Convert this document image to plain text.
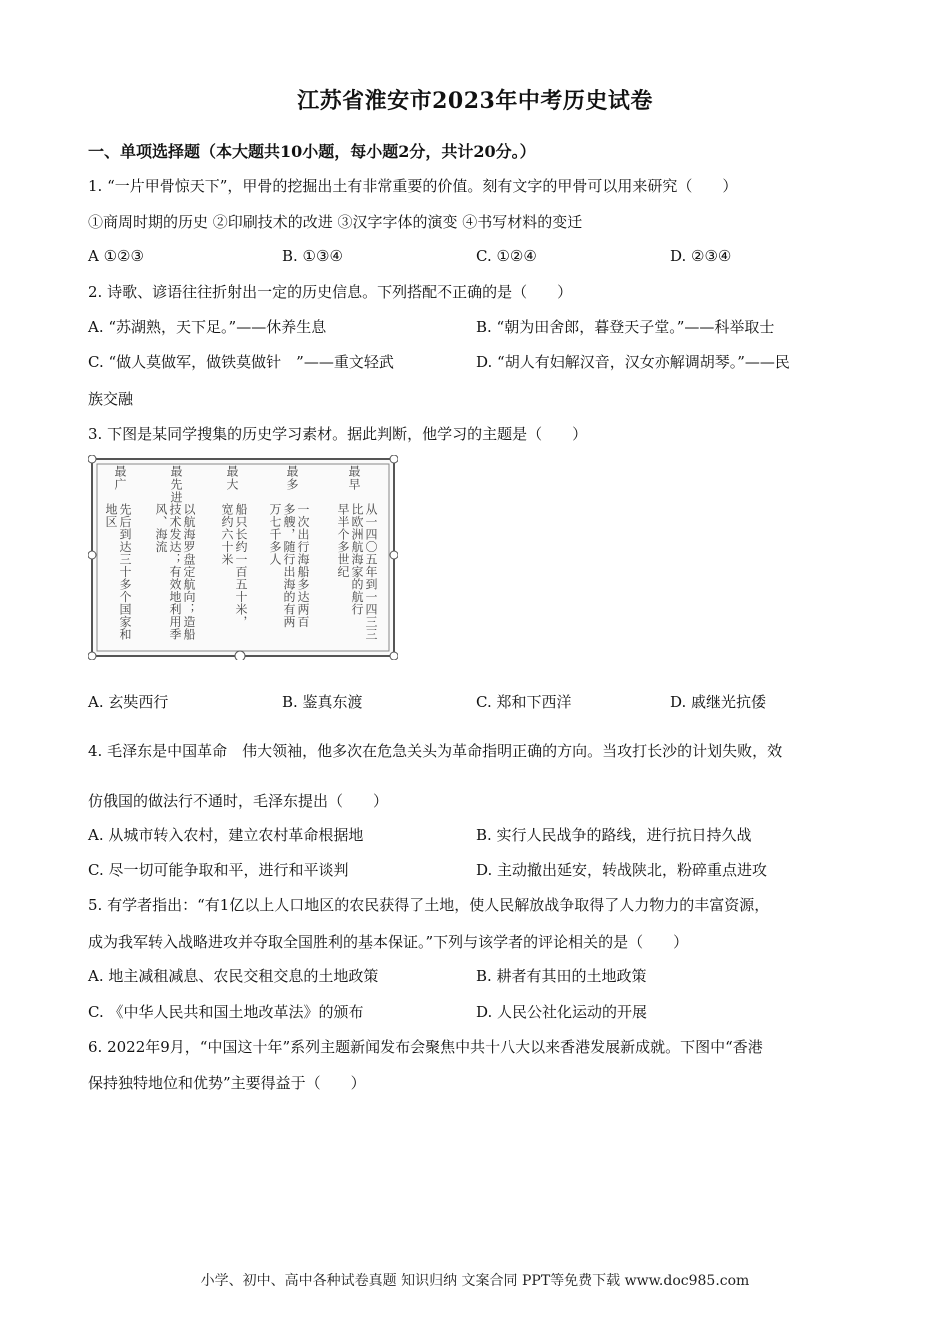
江苏省淮安市2023年中考历史试卷
一、单项选择题（本大题共10小题，每小题2分，共计20分。）
1. “一片甲骨惊天下”，甲骨的挖掘出土有非常重要的价值。刻有文字的甲骨可以用来研究（　　）
①商周时期的历史 ②印刷技术的改进 ③汉字字体的演变 ④书写材料的变迁
A ①②③	B. ①③④	C. ①②④	D. ②③④
2. 诗歌、谚语往往折射出一定的历史信息。下列搭配不正确的是（　　）
A. “苏湖熟，天下足。”——休养生息	B. “朝为田舍郎，暮登天子堂。”——科举取士
C. “做人莫做军，做铁莫做针　”——重文轻武	D. “胡人有妇解汉音，汉女亦解调胡琴。”——民
族交融
3. 下图是某同学搜集的历史学习素材。据此判断，他学习的主题是（　　）
最早
从一四〇五年到一四三三
比欧洲航海家的航行
早半个多世纪
最多
一次出行海船多达两百
多艘，随行出海的有两
万七千多人
最大
船只长约一百五十米，
宽约六十米
最先进
以航海罗盘定航向；造船
技术发达；有效地利用季
风、海流
最广
先后到达三十多个国家和
地区
A. 玄奘西行	B. 鉴真东渡	C. 郑和下西洋	D. 戚继光抗倭
4. 毛泽东是中国革命　伟大领袖，他多次在危急关头为革命指明正确的方向。当攻打长沙的计划失败，效
仿俄国的做法行不通时，毛泽东提出（　　）
A. 从城市转入农村，建立农村革命根据地	B. 实行人民战争的路线，进行抗日持久战
C. 尽一切可能争取和平，进行和平谈判	D. 主动撤出延安，转战陕北，粉碎重点进攻
5. 有学者指出：“有1亿以上人口地区的农民获得了土地，使人民解放战争取得了人力物力的丰富资源，
成为我军转入战略进攻并夺取全国胜利的基本保证。”下列与该学者的评论相关的是（　　）
A. 地主减租减息、农民交租交息的土地政策	B. 耕者有其田的土地政策
C. 《中华人民共和国土地改革法》的颁布	D. 人民公社化运动的开展
6. 2022年9月，“中国这十年”系列主题新闻发布会聚焦中共十八大以来香港发展新成就。下图中“香港
保持独特地位和优势”主要得益于（　　）
小学、初中、高中各种试卷真题 知识归纳 文案合同 PPT等免费下载 www.doc985.com
